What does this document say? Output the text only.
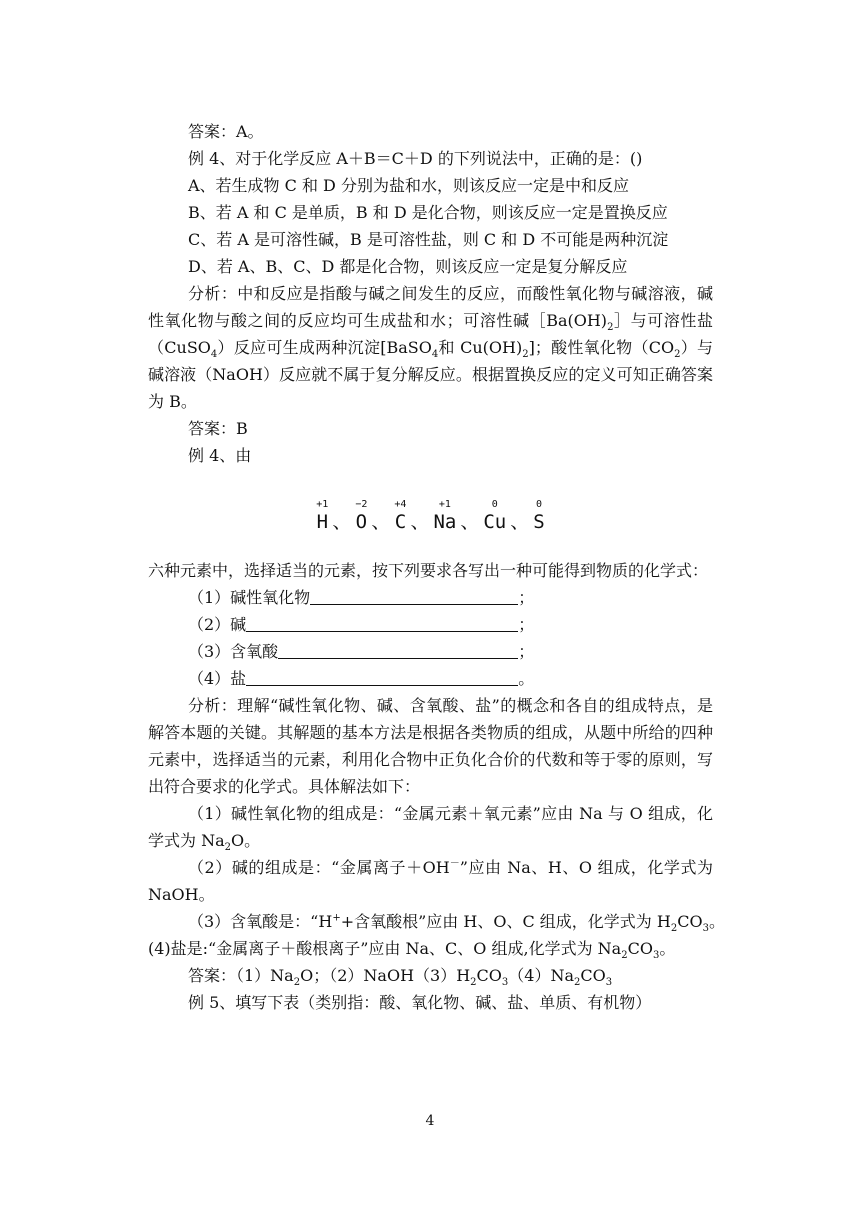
答案：A。
例 4、对于化学反应 A＋B＝C＋D 的下列说法中，正确的是：()
A、若生成物 C 和 D 分别为盐和水，则该反应一定是中和反应
B、若 A 和 C 是单质，B 和 D 是化合物，则该反应一定是置换反应
C、若 A 是可溶性碱，B 是可溶性盐，则 C 和 D 不可能是两种沉淀
D、若 A、B、C、D 都是化合物，则该反应一定是复分解反应
分析：中和反应是指酸与碱之间发生的反应，而酸性氧化物与碱溶液，碱性氧化物与酸之间的反应均可生成盐和水；可溶性碱$[Ba(OH)_2]$与可溶性盐（CuSO$_4$）反应可生成两种沉淀[BaSO$_4$和 $Cu(OH)_2$]；酸性氧化物$(CO_2)$与碱溶液（NaOH）反应就不属于复分解反应。根据置换反应的定义可知正确答案为 B。
答案：B
例 4、由
+1
H 、
−2
O 、
+4
C 、
+1
Na 、
0
Cu 、
0
S
六种元素中，选择适当的元素，按下列要求各写出一种可能得到物质的化学式：
（1）碱性氧化物	；
（2）碱	；
（3）含氧酸	；
（4）盐	。
分析：理解“碱性氧化物、碱、含氧酸、盐”的概念和各自的组成特点，是解答本题的关键。其解题的基本方法是根据各类物质的组成，从题中所给的四种元素中，选择适当的元素，利用化合物中正负化合价的代数和等于零的原则，写出符合要求的化学式。具体解法如下：
（1）碱性氧化物的组成是：“金属元素＋氧元素”应由 Na 与 O 组成，化学式为 $Na_2O$。
（2）碱的组成是：“金属离子＋OH－”应由 Na、H、O 组成，化学式为 NaOH。
（3）含氧酸是：“H++含氧酸根”应由 H、O、C 组成，化学式为 $H_2CO_3$。
(4)盐是:“金属离子＋酸根离子”应由 Na、C、O 组成,化学式为 $Na_2CO_3$。
答案：$(1)Na_2O$；$(2)NaOH(3)H_2CO_3(4)Na_2CO_3$
例 5、填写下表（类别指：酸、氧化物、碱、盐、单质、有机物）
4
